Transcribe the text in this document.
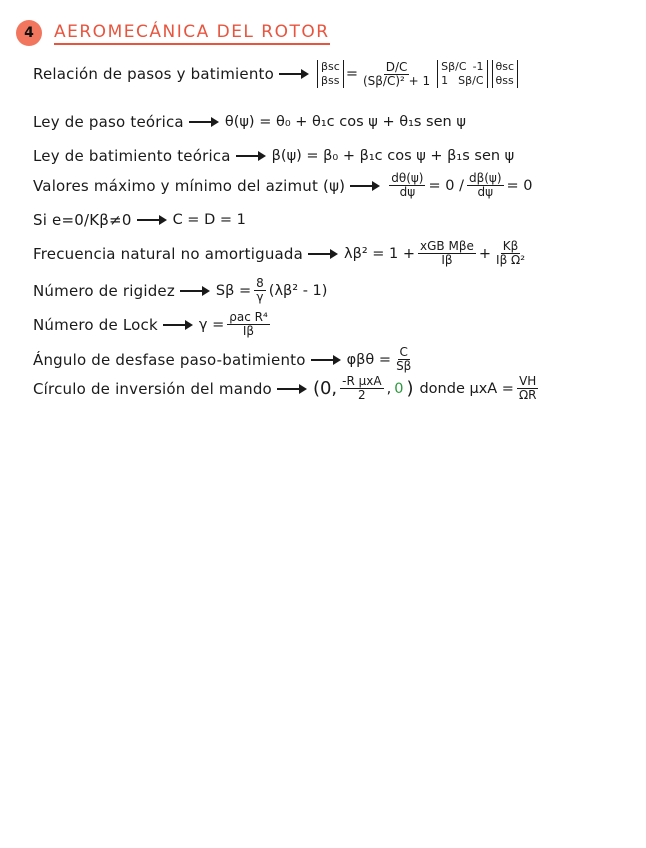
4 AEROMECÁNICA DEL ROTOR
Relación de pasos y batimiento	βsc
$\beta ss = \frac{D/C}{\text{(Sβ/C)² + 1}} S\beta/C$ -1
1 Sβ/C
θsc
θss
Ley de paso teórica	θ(ψ) = θ₀ + θ₁c cos ψ + θ₁s sen ψ
Ley de batimiento teórica	β(ψ) = β₀ + β₁c cos ψ + β₁s sen ψ
Valores máximo y mínimo del azimut (ψ)	$\frac{d\theta(\psi)}{d\psi} = 0 / \frac{d\beta(\psi)}{d\psi} = 0$
Si e=0/Kβ≠0	C = D = 1
Frecuencia natural no amortiguada	$\lambda\beta^2 = 1 + \frac{\text{xGB Mβe}}{I\beta} + \frac{K\beta}{\text{Iβ Ω²}}$
Número de rigidez	$S\beta = \frac{8}{\gamma} (\lambda\beta^2 - 1)$
Número de Lock	$\gamma = \frac{\text{ρac R⁴}}{I\beta}$
Ángulo de desfase paso-batimiento	$\varphi\beta\theta = \frac{C}{S\beta}$
Círculo de inversión del mando (0, $\frac{\text{-R μxA}}{2}$ , 0 ) donde $\mu xA = \frac{VH}{\Omega R}$
